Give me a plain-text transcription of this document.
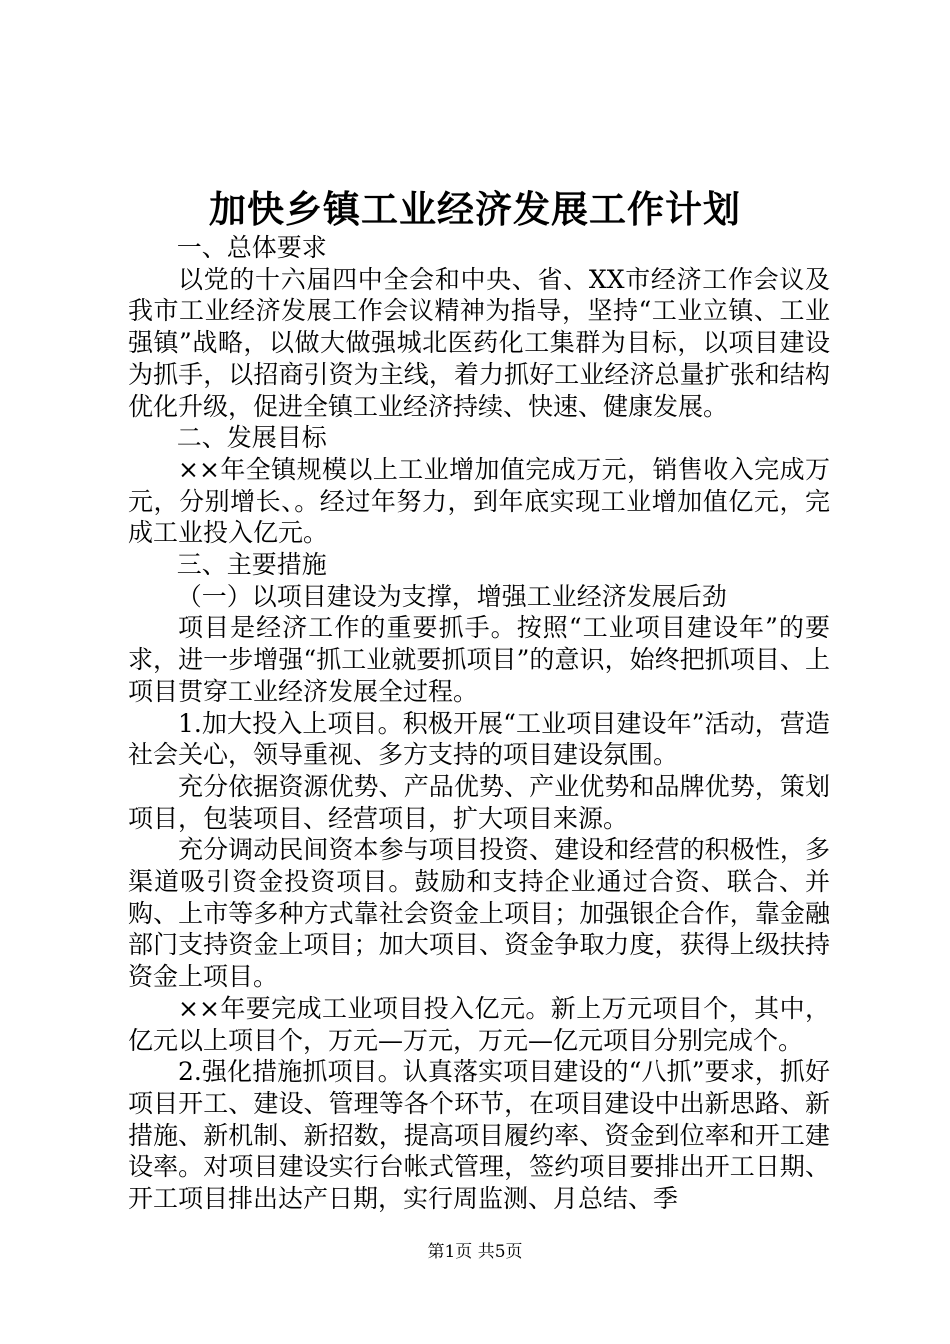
加快乡镇工业经济发展工作计划

一、总体要求

以党的十六届四中全会和中央、省、XX市经济工作会议及我市工业经济发展工作会议精神为指导，坚持“工业立镇、工业强镇”战略，以做大做强城北医药化工集群为目标，以项目建设为抓手，以招商引资为主线，着力抓好工业经济总量扩张和结构优化升级，促进全镇工业经济持续、快速、健康发展。

二、发展目标

××年全镇规模以上工业增加值完成万元，销售收入完成万元，分别增长、。经过年努力，到年底实现工业增加值亿元，完成工业投入亿元。

三、主要措施

（一）以项目建设为支撑，增强工业经济发展后劲

项目是经济工作的重要抓手。按照“工业项目建设年”的要求，进一步增强“抓工业就要抓项目”的意识，始终把抓项目、上项目贯穿工业经济发展全过程。

1.加大投入上项目。积极开展“工业项目建设年”活动，营造社会关心，领导重视、多方支持的项目建设氛围。

充分依据资源优势、产品优势、产业优势和品牌优势，策划项目，包装项目、经营项目，扩大项目来源。

充分调动民间资本参与项目投资、建设和经营的积极性，多渠道吸引资金投资项目。鼓励和支持企业通过合资、联合、并购、上市等多种方式靠社会资金上项目；加强银企合作，靠金融部门支持资金上项目；加大项目、资金争取力度，获得上级扶持资金上项目。

××年要完成工业项目投入亿元。新上万元项目个，其中，亿元以上项目个，万元—万元，万元—亿元项目分别完成个。

2.强化措施抓项目。认真落实项目建设的“八抓”要求，抓好项目开工、建设、管理等各个环节，在项目建设中出新思路、新措施、新机制、新招数，提高项目履约率、资金到位率和开工建设率。对项目建设实行台帐式管理，签约项目要排出开工日期、开工项目排出达产日期，实行周监测、月总结、季

第1页 共5页
